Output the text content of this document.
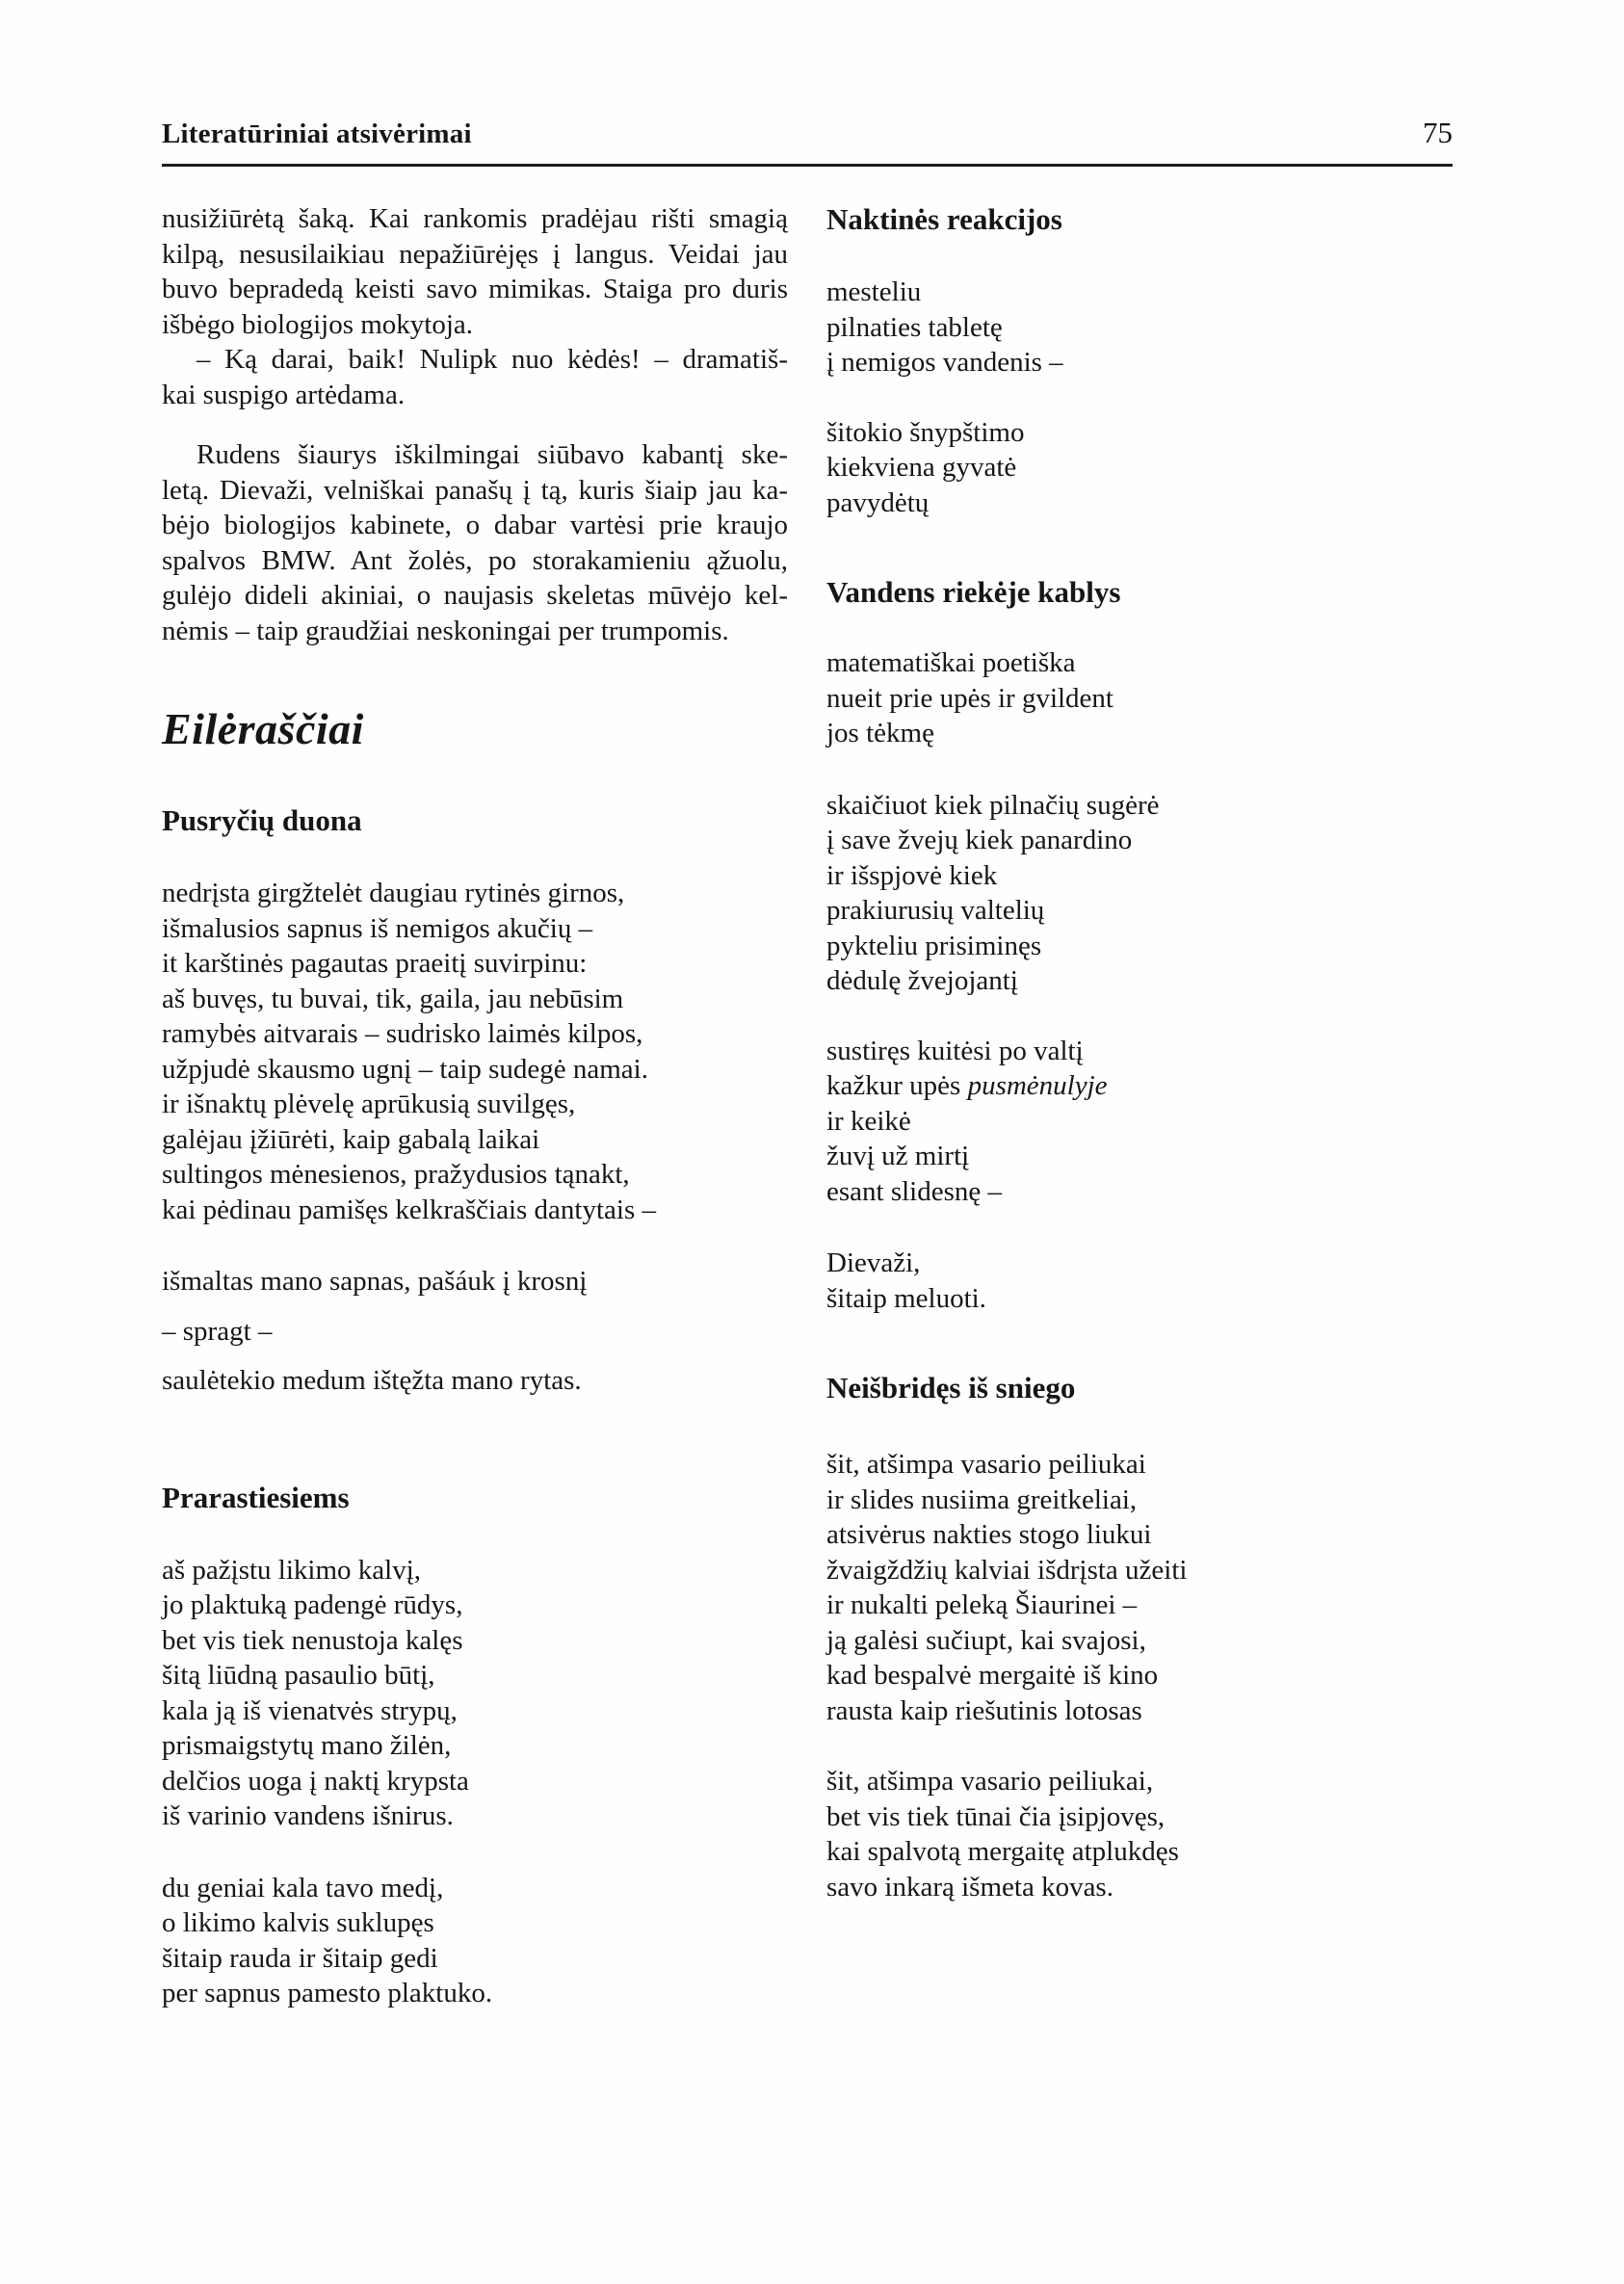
Literatūriniai atsivėrimai	75
nusižiūrėtą šaką. Kai rankomis pradėjau rišti smagią
kilpą, nesusilaikiau nepažiūrėjęs į langus. Veidai jau
buvo bepradedą keisti savo mimikas. Staiga pro duris
išbėgo biologijos mokytoja.
– Ką darai, baik! Nulipk nuo kėdės! – dramatiš-
kai suspigo artėdama.
Rudens šiaurys iškilmingai siūbavo kabantį ske-
letą. Dievaži, velniškai panašų į tą, kuris šiaip jau ka-
bėjo biologijos kabinete, o dabar vartėsi prie kraujo
spalvos BMW. Ant žolės, po storakamieniu ąžuolu,
gulėjo dideli akiniai, o naujasis skeletas mūvėjo kel-
nėmis – taip graudžiai neskoningai per trumpomis.
Eilėraščiai
Pusryčių duona
nedrįsta girgžtelėt daugiau rytinės girnos,
išmalusios sapnus iš nemigos akučių –
it karštinės pagautas praeitį suvirpinu:
aš buvęs, tu buvai, tik, gaila, jau nebūsim
ramybės aitvarais – sudrisko laimės kilpos,
užpjudė skausmo ugnį – taip sudegė namai.
ir išnaktų plėvelę aprūkusią suvilgęs,
galėjau įžiūrėti, kaip gabalą laikai
sultingos mėnesienos, pražydusios tąnakt,
kai pėdinau pamišęs kelkraščiais dantytais –
išmaltas mano sapnas, pašáuk į krosnį
– spragt –
saulėtekio medum ištęžta mano rytas.
Prarastiesiems
aš pažįstu likimo kalvį,
jo plaktuką padengė rūdys,
bet vis tiek nenustoja kalęs
šitą liūdną pasaulio būtį,
kala ją iš vienatvės strypų,
prismaigstytų mano žilėn,
delčios uoga į naktį krypsta
iš varinio vandens išnirus.
du geniai kala tavo medį,
o likimo kalvis suklupęs
šitaip rauda ir šitaip gedi
per sapnus pamesto plaktuko.
Naktinės reakcijos
mesteliu
pilnaties tabletę
į nemigos vandenis –
šitokio šnypštimo
kiekviena gyvatė
pavydėtų
Vandens riekėje kablys
matematiškai poetiška
nueit prie upės ir gvildent
jos tėkmę
skaičiuot kiek pilnačių sugėrė
į save žvejų kiek panardino
ir išspjovė kiek
prakiurusių valtelių
pykteliu prisiminęs
dėdulę žvejojantį
sustiręs kuitėsi po valtį
kažkur upės pusmėnulyje
ir keikė
žuvį už mirtį
esant slidesnę –
Dievaži,
šitaip meluoti.
Neišbridęs iš sniego
šit, atšimpa vasario peiliukai
ir slides nusiima greitkeliai,
atsivėrus nakties stogo liukui
žvaigždžių kalviai išdrįsta užeiti
ir nukalti peleką Šiaurinei –
ją galėsi sučiupt, kai svajosi,
kad bespalvė mergaitė iš kino
rausta kaip riešutinis lotosas
šit, atšimpa vasario peiliukai,
bet vis tiek tūnai čia įsipjovęs,
kai spalvotą mergaitę atplukdęs
savo inkarą išmeta kovas.
